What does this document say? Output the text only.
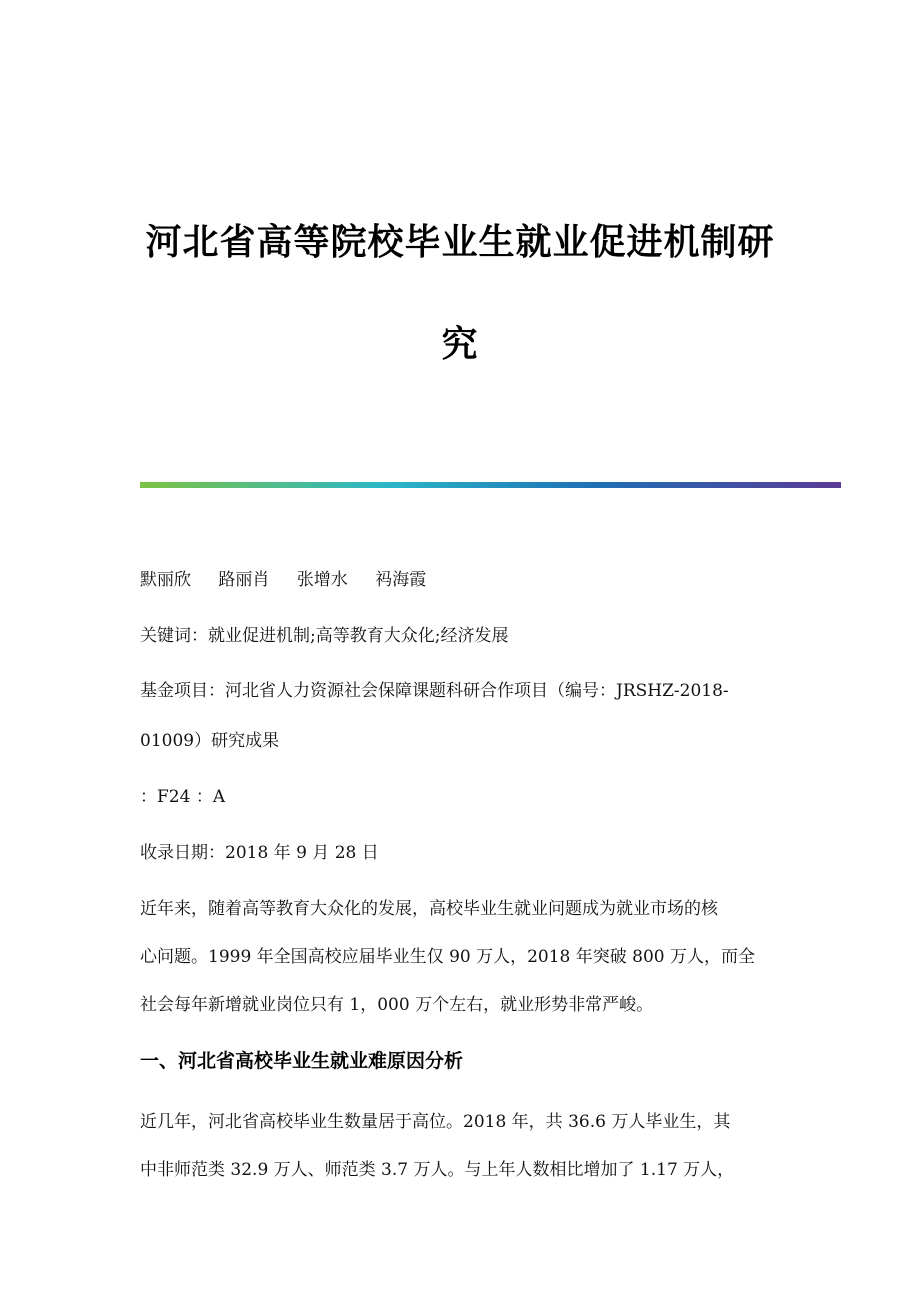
河北省高等院校毕业生就业促进机制研
究
默丽欣 路丽肖 张增水 祃海霞
关键词：就业促进机制;高等教育大众化;经济发展
基金项目：河北省人力资源社会保障课题科研合作项目（编号：JRSHZ-2018-
01009）研究成果
：F24 ：A
收录日期：2018 年 9 月 28 日
近年来，随着高等教育大众化的发展，高校毕业生就业问题成为就业市场的核
心问题。1999 年全国高校应届毕业生仅 90 万人，2018 年突破 800 万人，而全
社会每年新增就业岗位只有 1，000 万个左右，就业形势非常严峻。
一、河北省高校毕业生就业难原因分析
近几年，河北省高校毕业生数量居于高位。2018 年，共 36.6 万人毕业生，其
中非师范类 32.9 万人、师范类 3.7 万人。与上年人数相比增加了 1.17 万人，
